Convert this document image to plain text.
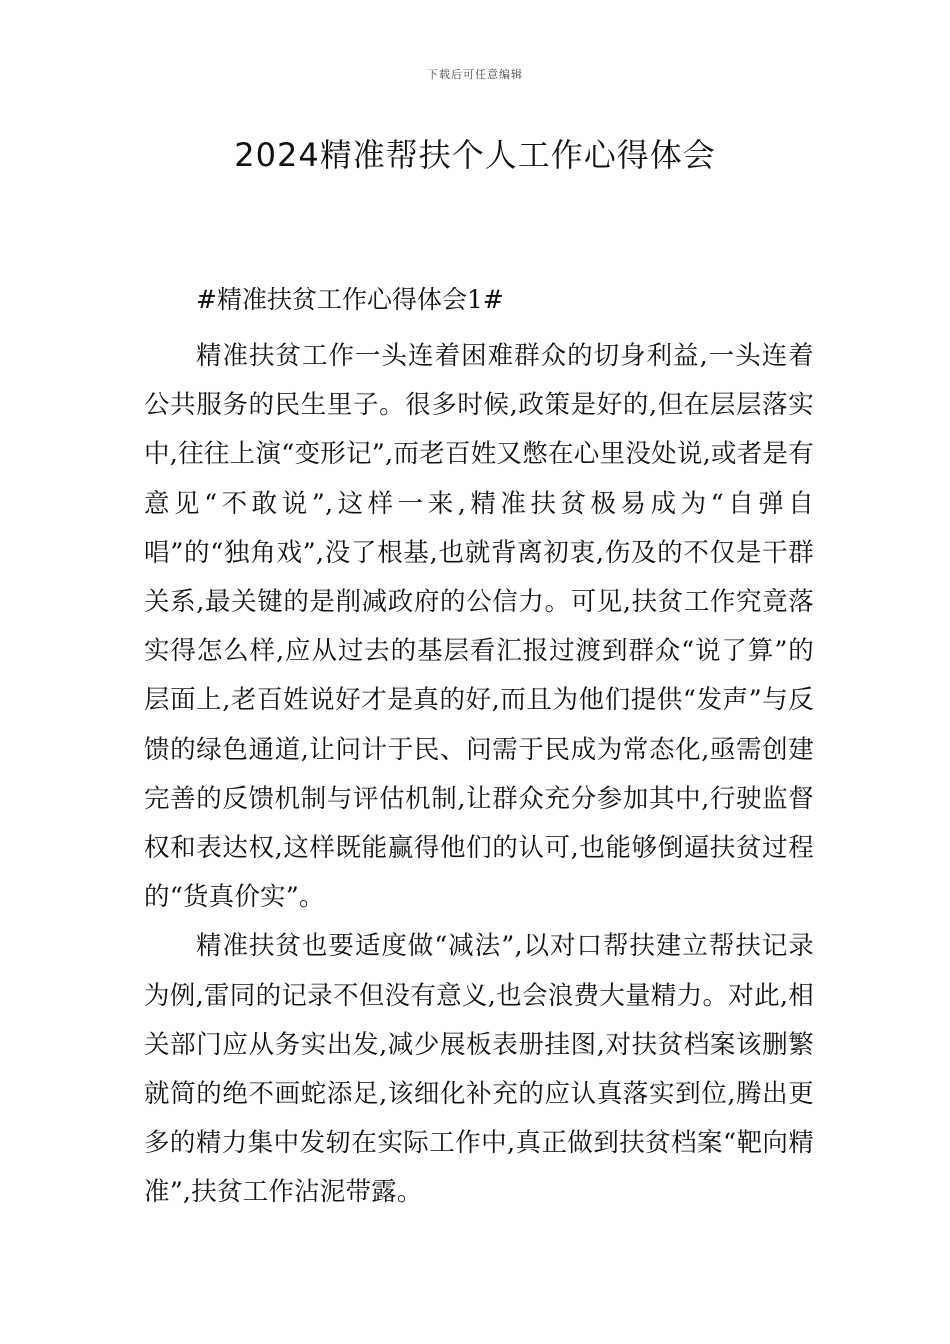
下载后可任意编辑
2024精准帮扶个人工作心得体会

#精准扶贫工作心得体会1#

精准扶贫工作一头连着困难群众的切身利益,一头连着公共服务的民生里子。很多时候,政策是好的,但在层层落实中,往往上演“变形记”,而老百姓又憋在心里没处说,或者是有意见“不敢说”,这样一来,精准扶贫极易成为“自弹自唱”的“独角戏”,没了根基,也就背离初衷,伤及的不仅是干群关系,最关键的是削减政府的公信力。可见,扶贫工作究竟落实得怎么样,应从过去的基层看汇报过渡到群众“说了算”的层面上,老百姓说好才是真的好,而且为他们提供“发声”与反馈的绿色通道,让问计于民、问需于民成为常态化,亟需创建完善的反馈机制与评估机制,让群众充分参加其中,行驶监督权和表达权,这样既能赢得他们的认可,也能够倒逼扶贫过程的“货真价实”。

精准扶贫也要适度做“减法”,以对口帮扶建立帮扶记录为例,雷同的记录不但没有意义,也会浪费大量精力。对此,相关部门应从务实出发,减少展板表册挂图,对扶贫档案该删繁就简的绝不画蛇添足,该细化补充的应认真落实到位,腾出更多的精力集中发轫在实际工作中,真正做到扶贫档案“靶向精准”,扶贫工作沾泥带露。
